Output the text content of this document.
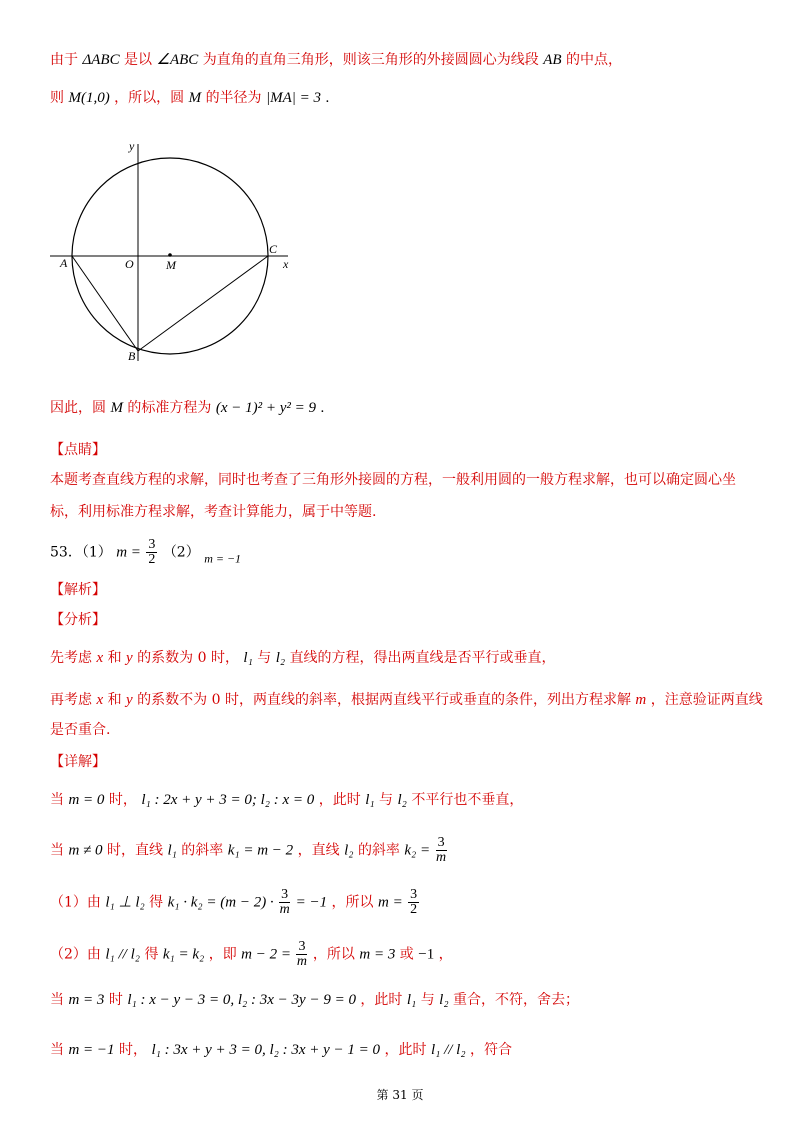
由于 ΔABC 是以 ∠ABC 为直角的直角三角形，则该三角形的外接圆圆心为线段 AB 的中点，
则 M(1,0) ，所以，圆 M 的半径为 |MA| = 3 .
y
x
A	O	M
C
B
因此，圆 M 的标准方程为 (x − 1)² + y² = 9 .
【点睛】
本题考查直线方程的求解，同时也考查了三角形外接圆的方程，一般利用圆的一般方程求解，也可以确定圆心坐
标，利用标准方程求解，考查计算能力，属于中等题.
53．（1） $m = \frac{3}{2} (2) m = -1$
【解析】
【分析】
先考虑 x 和 y 的系数为 0 时， l₁ 与 l₂ 直线的方程，得出两直线是否平行或垂直，
再考虑 x 和 y 的系数不为 0 时，两直线的斜率，根据两直线平行或垂直的条件，列出方程求解 m ，注意验证两直线
是否重合.
【详解】
当 m = 0 时， l₁ : 2x + y + 3 = 0; l₂ : x = 0 ，此时 l₁ 与 l₂ 不平行也不垂直，
当 m ≠ 0 时，直线 l₁ 的斜率 k₁ = m − 2 ，直线 l₂ 的斜率 $k_2 = \frac{3}{m}$
（1）由 l₁ ⊥ l₂ 得 $k_1 \cdot k_2 = (m - 2) \cdot \frac{3}{m} = -1$ ，所以 $m = \frac{3}{2}$
（2）由 l₁ // l₂ 得 k₁ = k₂ ，即 $m - 2 = \frac{3}{m}$ ，所以 m = 3 或 −1 ，
当 m = 3 时 l₁ : x − y − 3 = 0, l₂ : 3x − 3y − 9 = 0 ，此时 l₁ 与 l₂ 重合，不符，舍去；
当 m = −1 时， l₁ : 3x + y + 3 = 0, l₂ : 3x + y − 1 = 0 ，此时 l₁ // l₂ ，符合
第 31 页
